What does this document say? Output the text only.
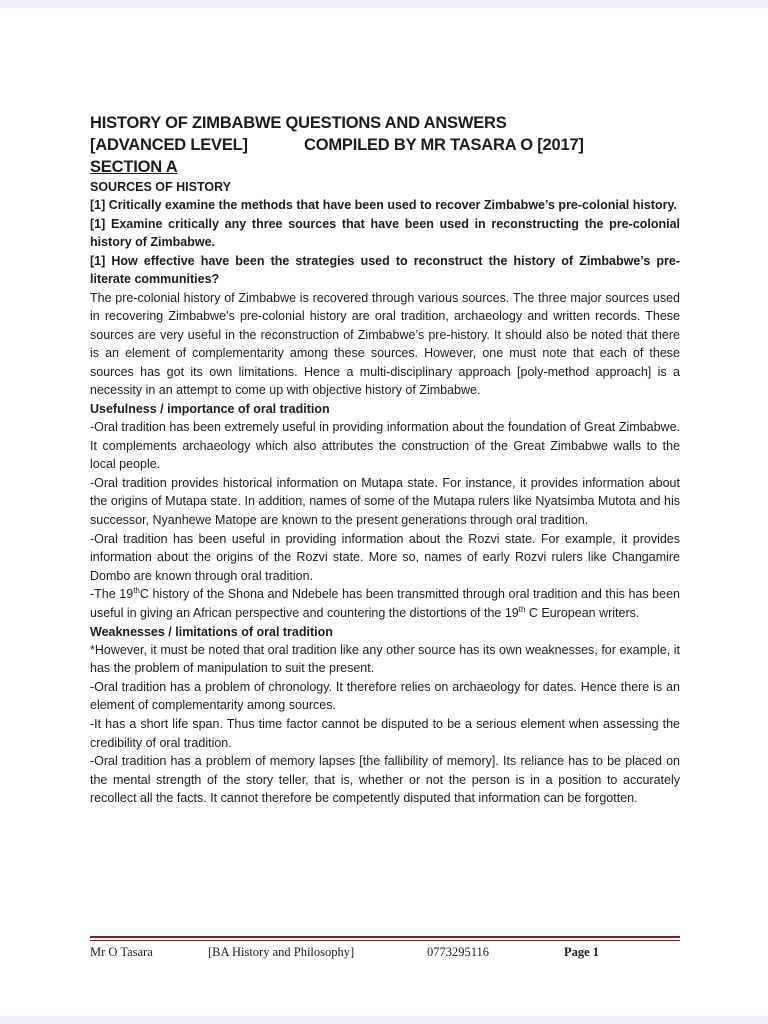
HISTORY OF ZIMBABWE QUESTIONS AND ANSWERS
[ADVANCED LEVEL]	COMPILED BY MR TASARA O [2017]
SECTION A
SOURCES OF HISTORY
[1] Critically examine the methods that have been used to recover Zimbabwe’s pre-colonial history.
[1] Examine critically any three sources that have been used in reconstructing the pre-colonial history of Zimbabwe.
[1] How effective have been the strategies used to reconstruct the history of Zimbabwe’s pre-literate communities?

The pre-colonial history of Zimbabwe is recovered through various sources. The three major sources used in recovering Zimbabwe’s pre-colonial history are oral tradition, archaeology and written records. These sources are very useful in the reconstruction of Zimbabwe’s pre-history. It should also be noted that there is an element of complementarity among these sources. However, one must note that each of these sources has got its own limitations. Hence a multi-disciplinary approach [poly-method approach] is a necessity in an attempt to come up with objective history of Zimbabwe.

Usefulness / importance of oral tradition

-Oral tradition has been extremely useful in providing information about the foundation of Great Zimbabwe. It complements archaeology which also attributes the construction of the Great Zimbabwe walls to the local people.

-Oral tradition provides historical information on Mutapa state. For instance, it provides information about the origins of Mutapa state. In addition, names of some of the Mutapa rulers like Nyatsimba Mutota and his successor, Nyanhewe Matope are known to the present generations through oral tradition.

-Oral tradition has been useful in providing information about the Rozvi state. For example, it provides information about the origins of the Rozvi state. More so, names of early Rozvi rulers like Changamire Dombo are known through oral tradition.

-The 19thC history of the Shona and Ndebele has been transmitted through oral tradition and this has been useful in giving an African perspective and countering the distortions of the 19th C European writers.

Weaknesses / limitations of oral tradition

*However, it must be noted that oral tradition like any other source has its own weaknesses, for example, it has the problem of manipulation to suit the present.

-Oral tradition has a problem of chronology. It therefore relies on archaeology for dates. Hence there is an element of complementarity among sources.

-It has a short life span. Thus time factor cannot be disputed to be a serious element when assessing the credibility of oral tradition.

-Oral tradition has a problem of memory lapses [the fallibility of memory]. Its reliance has to be placed on the mental strength of the story teller, that is, whether or not the person is in a position to accurately recollect all the facts. It cannot therefore be competently disputed that information can be forgotten.

Mr O Tasara	[BA History and Philosophy]	0773295116	Page 1
